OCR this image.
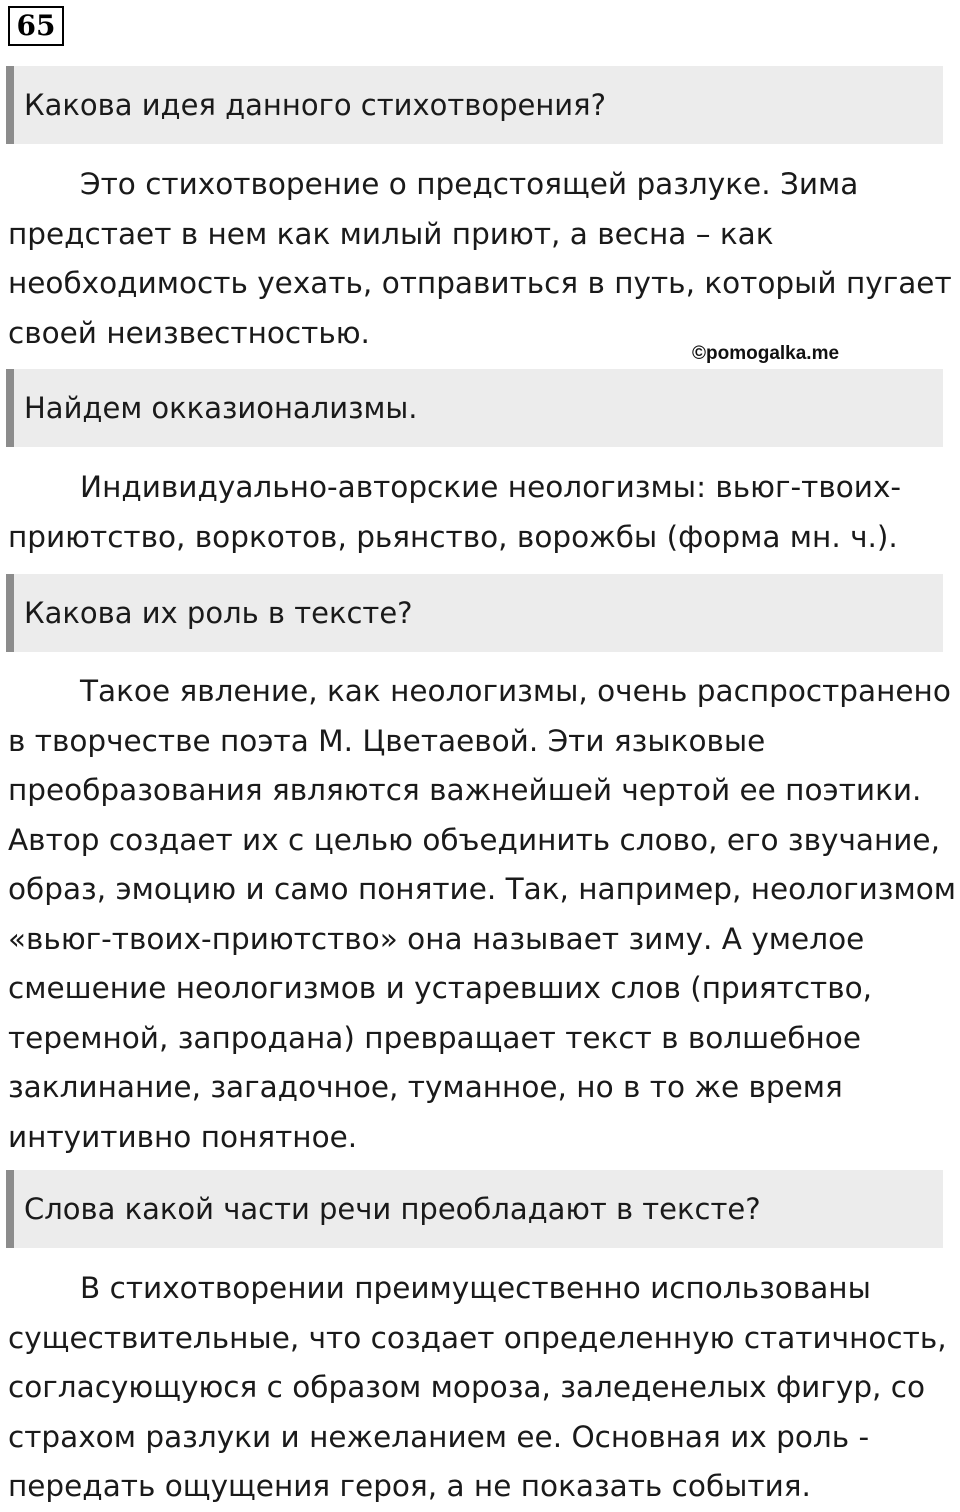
65
Какова идея данного стихотворения?

Это стихотворение о предстоящей разлуке. Зима предстает в нем как милый приют, а весна – как необходимость уехать, отправиться в путь, который пугает своей неизвестностью.

©pomogalka.me
Найдем окказионализмы.

Индивидуально-авторские неологизмы: вьюг-твоих-приютство, воркотов, рьянство, ворожбы (форма мн. ч.).

Какова их роль в тексте?

Такое явление, как неологизмы, очень распространено в творчестве поэта М. Цветаевой. Эти языковые преобразования являются важнейшей чертой ее поэтики. Автор создает их с целью объединить слово, его звучание, образ, эмоцию и само понятие. Так, например, неологизмом «вьюг-твоих-приютство» она называет зиму. А умелое смешение неологизмов и устаревших слов (приятство, теремной, запродана) превращает текст в волшебное заклинание, загадочное, туманное, но в то же время интуитивно понятное.

Слова какой части речи преобладают в тексте?

В стихотворении преимущественно использованы существительные, что создает определенную статичность, согласующуюся с образом мороза, заледенелых фигур, со страхом разлуки и нежеланием ее. Основная их роль - передать ощущения героя, а не показать события.
